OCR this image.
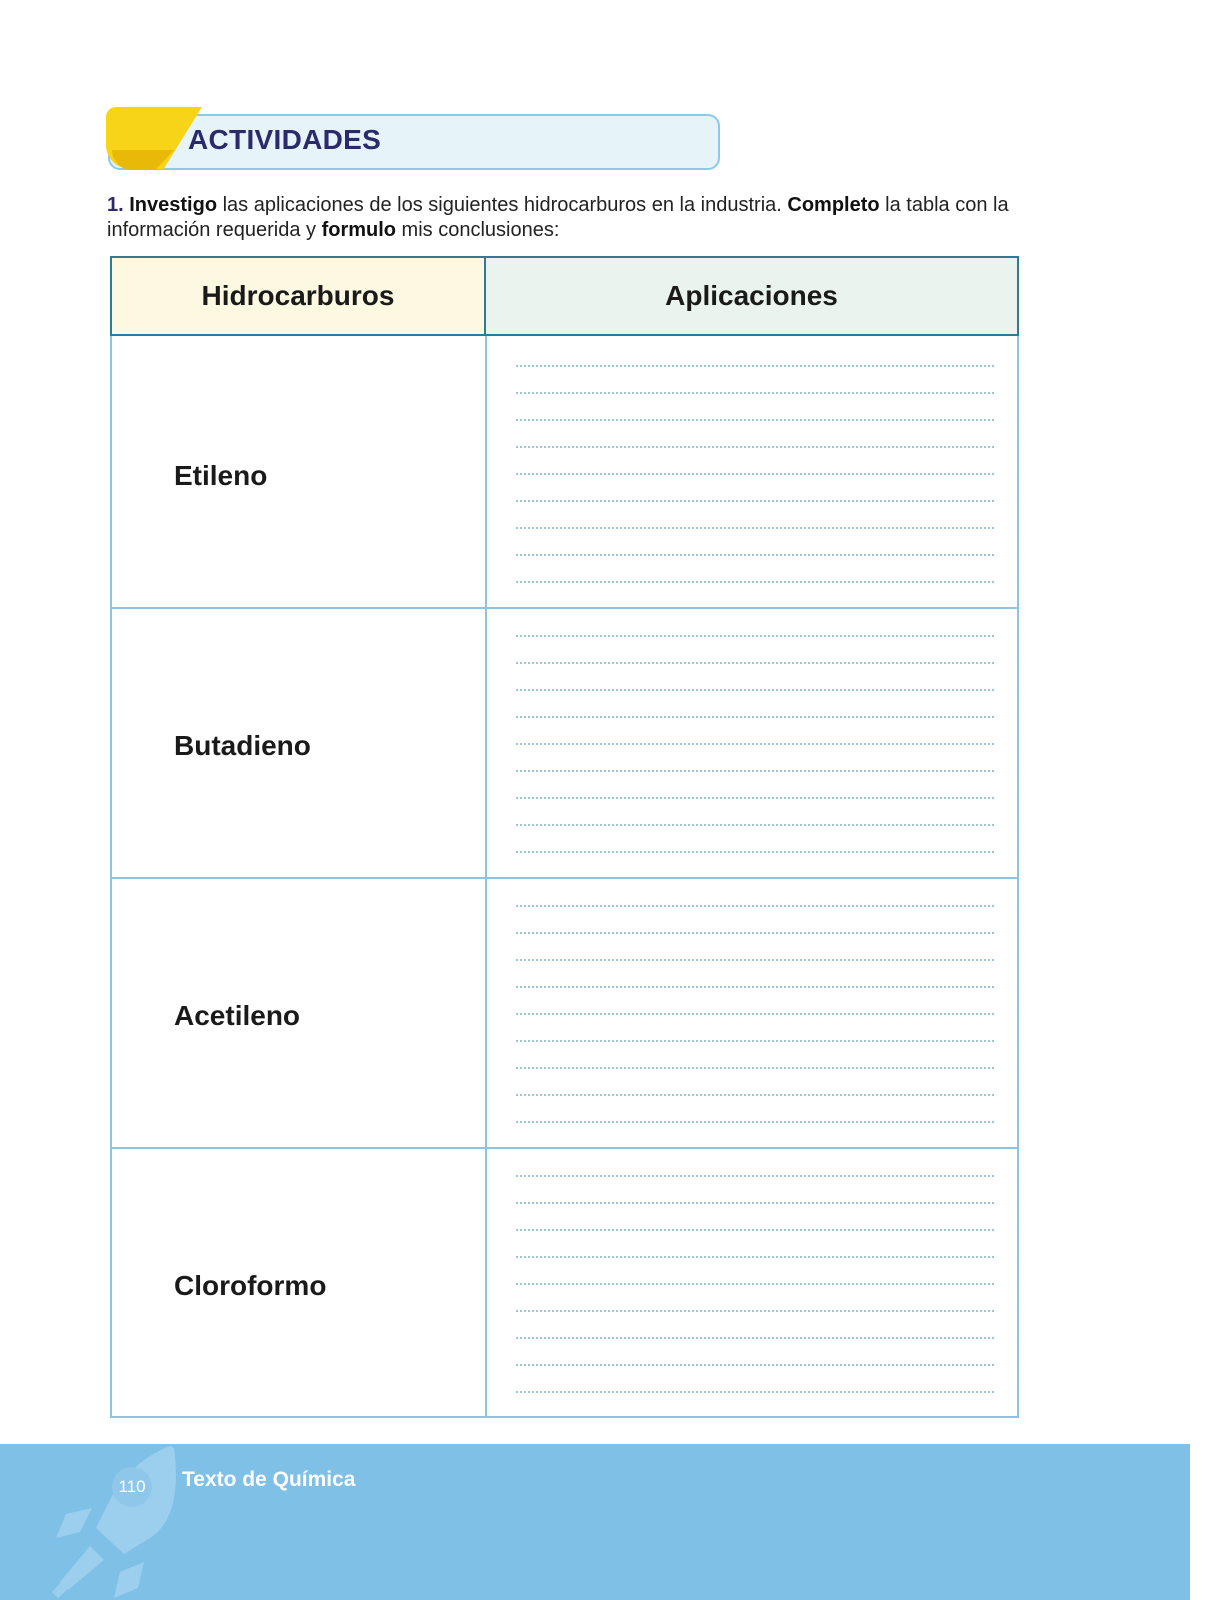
ACTIVIDADES
1. Investigo las aplicaciones de los siguientes hidrocarburos en la industria. Completo la tabla con la información requerida y formulo mis conclusiones:
Hidrocarburos	Aplicaciones
Etileno
Butadieno
Acetileno
Cloroformo
110	Texto de Química
